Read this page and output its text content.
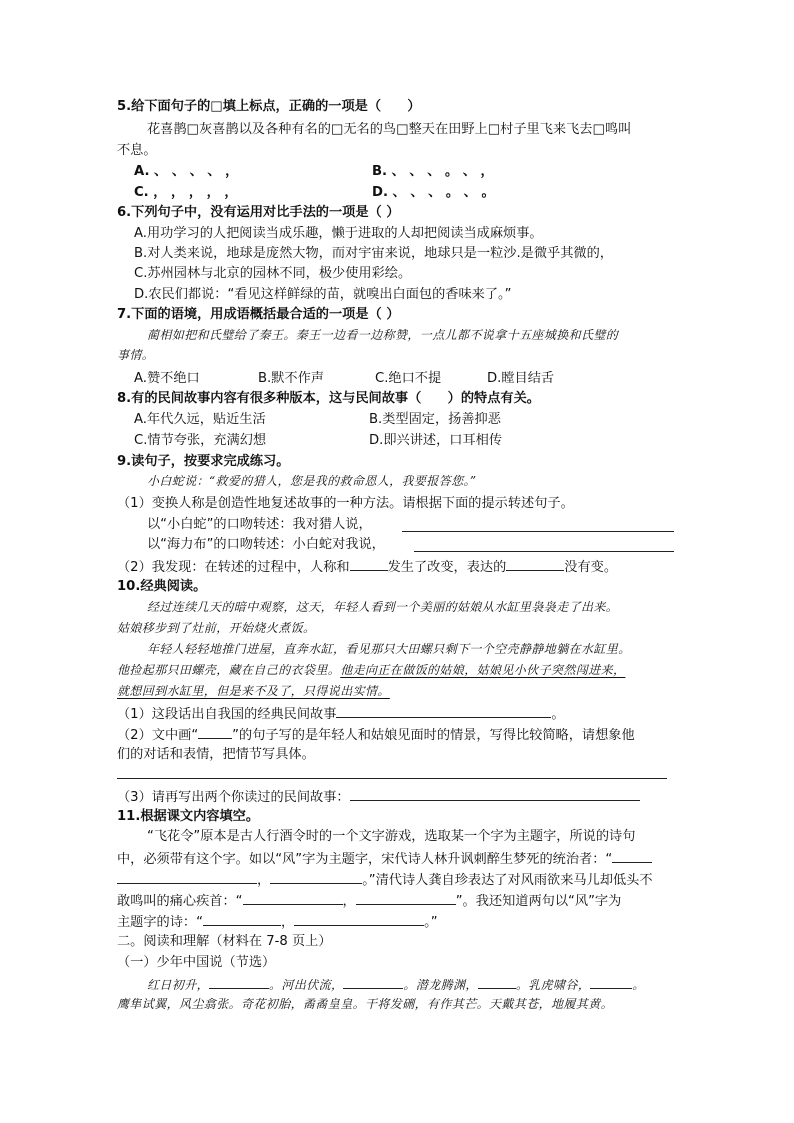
5.给下面句子的□填上标点，正确的一项是（　　）
花喜鹊□灰喜鹊以及各种有名的□无名的鸟□整天在田野上□村子里飞来飞去□鸣叫
不息。
A. 、 、 、 、 ，	B. 、 、 、 。 、 ，
C. ， ， ， ， ，	D. 、 、 、 。 、 。
6.下列句子中，没有运用对比手法的一项是（ ）
A.用功学习的人把阅读当成乐趣，懒于进取的人却把阅读当成麻烦事。
B.对人类来说，地球是庞然大物，而对宇宙来说，地球只是一粒沙.是微乎其微的，
C.苏州园林与北京的园林不同，极少使用彩绘。
D.农民们都说：“看见这样鲜绿的苗，就嗅出白面包的香味来了。”
7.下面的语境，用成语概括最合适的一项是（ ）
蔺相如把和氏璧给了秦王。秦王一边看一边称赞，一点儿都不说拿十五座城换和氏璧的
事情。
A.赞不绝口	B.默不作声	C.绝口不提	D.瞠目结舌
8.有的民间故事内容有很多种版本，这与民间故事（　　）的特点有关。
A.年代久远，贴近生活	B.类型固定，扬善抑恶
C.情节夸张，充满幻想	D.即兴讲述，口耳相传
9.读句子，按要求完成练习。
小白蛇说：“救爱的猎人，您是我的救命恩人，我要报答您。”
（1）变换人称是创造性地复述故事的一种方法。请根据下面的提示转述句子。
以“小白蛇”的口吻转述：我对猎人说，
以“海力布”的口吻转述：小白蛇对我说，
（2）我发现：在转述的过程中，人称和	发生了改变，表达的	没有变。
10.经典阅读。
经过连续几天的暗中观察，这天，年轻人看到一个美丽的姑娘从水缸里袅袅走了出来。
姑娘移步到了灶前，开始烧火煮饭。
年轻人轻轻地推门进屋，直奔水缸，看见那只大田螺只剩下一个空壳静静地躺在水缸里。
他捡起那只田螺壳，藏在自己的衣袋里。他走向正在做饭的姑娘，姑娘见小伙子突然闯进来，
就想回到水缸里，但是来不及了，只得说出实情。
（1）这段话出自我国的经典民间故事	。
（2）文中画“	”的句子写的是年轻人和姑娘见面时的情景，写得比较简略，请想象他
们的对话和表情，把情节写具体。
（3）请再写出两个你读过的民间故事：
11.根据课文内容填空。
“飞花令”原本是古人行酒令时的一个文字游戏，选取某一个字为主题字，所说的诗句
中，必须带有这个字。如以“风”字为主题字，宋代诗人林升讽刺醉生梦死的统治者：“
，	。”清代诗人龚自珍表达了对风雨欲来马儿却低头不
敢鸣叫的痛心疾首：“	，	”。我还知道两句以“风”字为
主题字的诗：“	，	。”
二。阅读和理解（材料在 7-8 页上）
（一）少年中国说（节选）
红日初升，	。河出伏流，	。潜龙腾渊，	。乳虎啸谷，	。
鹰隼试翼，风尘翕张。奇花初胎，矞矞皇皇。干将发硎，有作其芒。天戴其苍，地履其黄。
